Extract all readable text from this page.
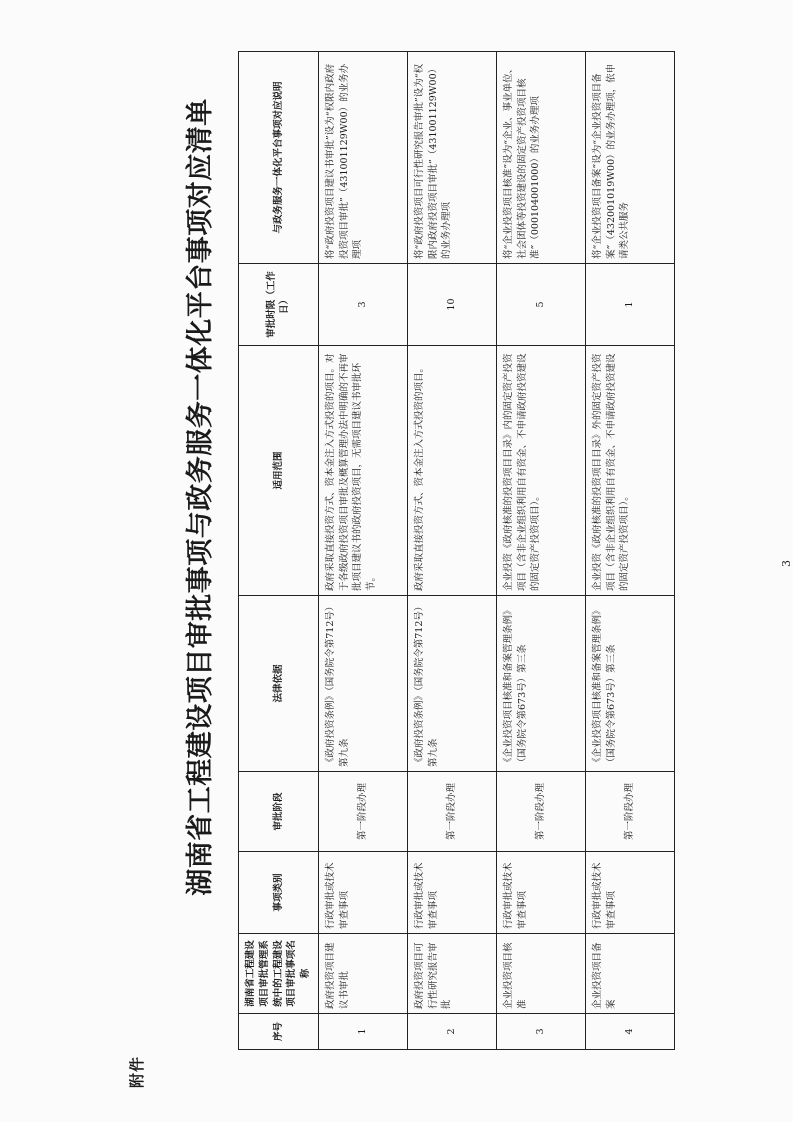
附件
湖南省工程建设项目审批事项与政务服务一体化平台事项对应清单
序号	湖南省工程建设项目审批管理系统中的工程建设项目审批事项名称	事项类别	审批阶段	法律依据	适用范围	审批时限（工作日）	与政务服务一体化平台事项对应说明
1	政府投资项目建议书审批	行政审批或技术审查事项	第一阶段办理	《政府投资条例》（国务院令第712号）第九条	政府采取直接投资方式、资本金注入方式投资的项目。对于各级政府投资项目审批及概算管理办法中明确的不再审批项目建议书的政府投资项目，无需项目建议书审批环节。	3	将“政府投资项目建议书审批”设为“权限内政府投资项目审批”（431001129W00）的业务办理项
2	政府投资项目可行性研究报告审批	行政审批或技术审查事项	第一阶段办理	《政府投资条例》（国务院令第712号）第九条	政府采取直接投资方式、资本金注入方式投资的项目。	10	将“政府投资项目可行性研究报告审批”设为“权限内政府投资项目审批”（431001129W00）的业务办理项
3	企业投资项目核准	行政审批或技术审查事项	第一阶段办理	《企业投资项目核准和备案管理条例》（国务院令第673号）第三条	企业投资《政府核准的投资项目目录》内的固定资产投资项目（含非企业组织利用自有资金、不申请政府投资建设的固定资产投资项目）。	5	将“企业投资项目核准”设为“企业、事业单位、社会团体等投资建设的固定资产投资项目核准”（000104001000）的业务办理项
4	企业投资项目备案	行政审批或技术审查事项	第一阶段办理	《企业投资项目核准和备案管理条例》（国务院令第673号）第三条	企业投资《政府核准的投资项目目录》外的固定资产投资项目（含非企业组织利用自有资金、不申请政府投资建设的固定资产投资项目）。	1	将“企业投资项目备案”设为“企业投资项目备案”（432001019W00）的业务办理项，依申请类公共服务
3
